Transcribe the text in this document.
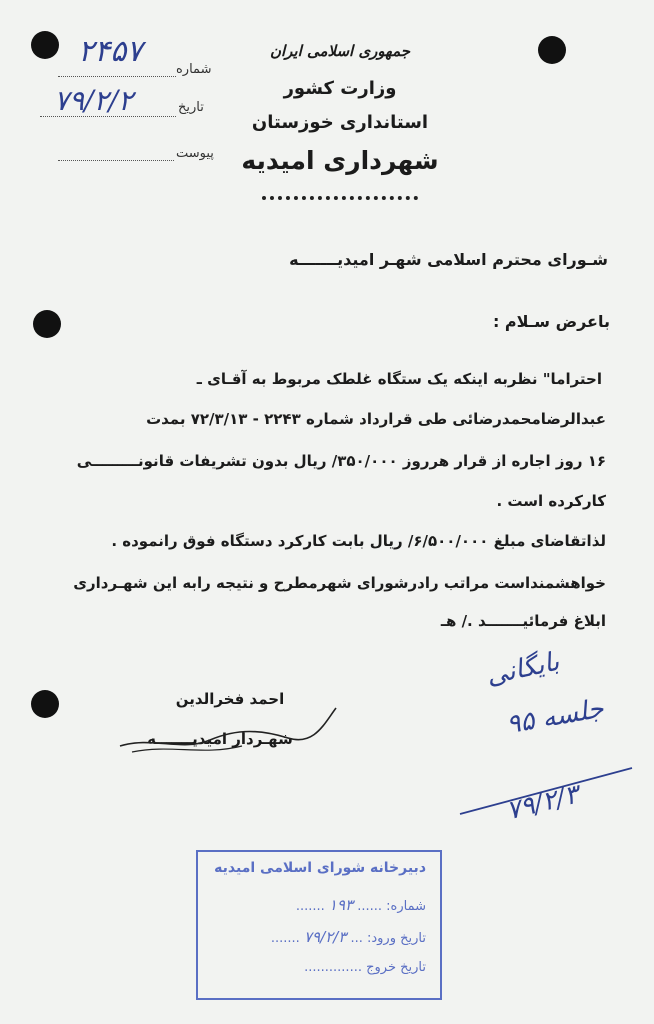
شماره
۲۴۵۷
تاریخ
۷۹/۲/۲
پیوست
جمهوری اسلامی ایران
وزارت کشور
استانداری خوزستان
شهرداری امیدیه
شـورای محترم اسلامی شهـر امیدیـــــــه
باعرض سـلام :
احتراما" نظربه اینکه یک ستگاه غلطک مربوط به آقـای ـ
عبدالرضامحمدرضائی طی قرارداد شماره ۲۲۴۳ - ۷۲/۳/۱۳ بمدت
۱۶ روز اجاره از قرار هرروز ۳۵۰/۰۰۰/ ریال بدون تشریفات قانونـــــــــی
کارکرده است .
لذاتقاضای مبلغ ۶/۵۰۰/۰۰۰/ ریال بابت کارکرد دستگاه فوق رانموده .
خواهشمنداست مراتب رادرشورای شهرمطرح و نتیجه رابه این شهـرداری
ابلاغ فرمائیـــــــد ./ هـ
احمد فخرالدین
شهـردار امیدیـــــــه
بایگانی
جلسه ۹۵
۷۹/۲/۳
دبیرخانه شورای اسلامی امیدیه
شماره: ...... ۱۹۳ .......
تاریخ ورود: ... ۷۹/۲/۳ .......
تاریخ خروج ..............
